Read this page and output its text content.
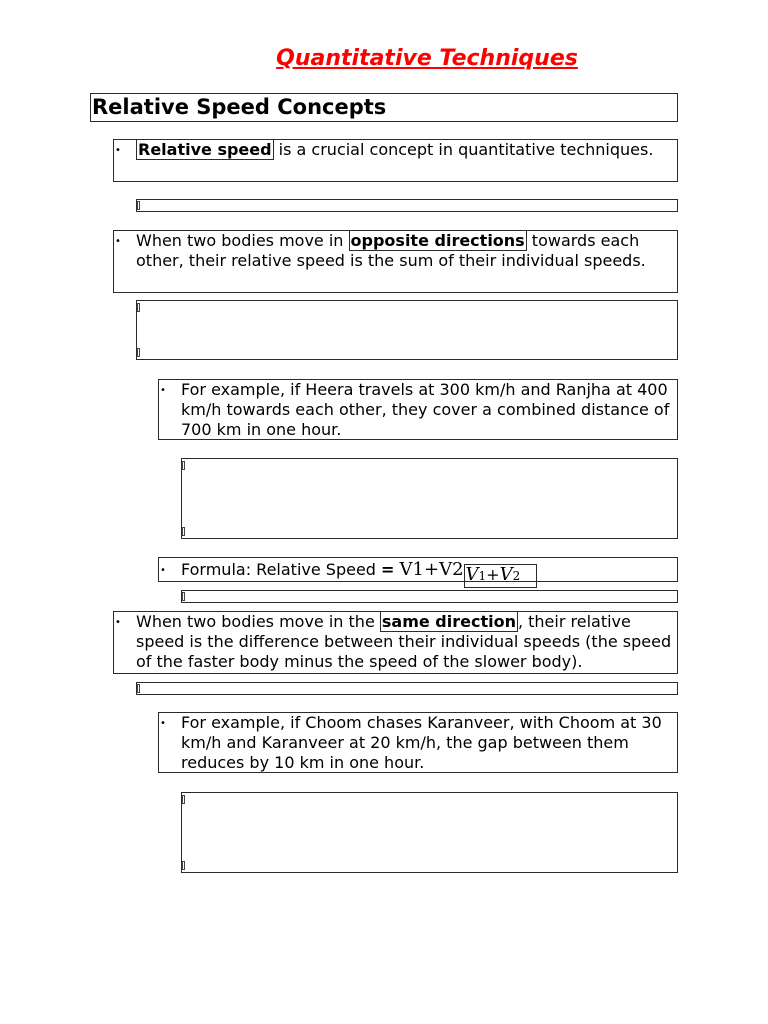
Quantitative Techniques
Relative Speed Concepts
• Relative speed is a crucial concept in quantitative techniques.
• When two bodies move in opposite directions towards each other, their relative speed is the sum of their individual speeds.
• For example, if Heera travels at 300 km/h and Ranjha at 400 km/h towards each other, they cover a combined distance of 700 km in one hour.
• Formula: Relative Speed = V1+V2 V1+V2
• When two bodies move in the same direction , their relative speed is the difference between their individual speeds (the speed of the faster body minus the speed of the slower body).
• For example, if Choom chases Karanveer, with Choom at 30 km/h and Karanveer at 20 km/h, the gap between them reduces by 10 km in one hour.
